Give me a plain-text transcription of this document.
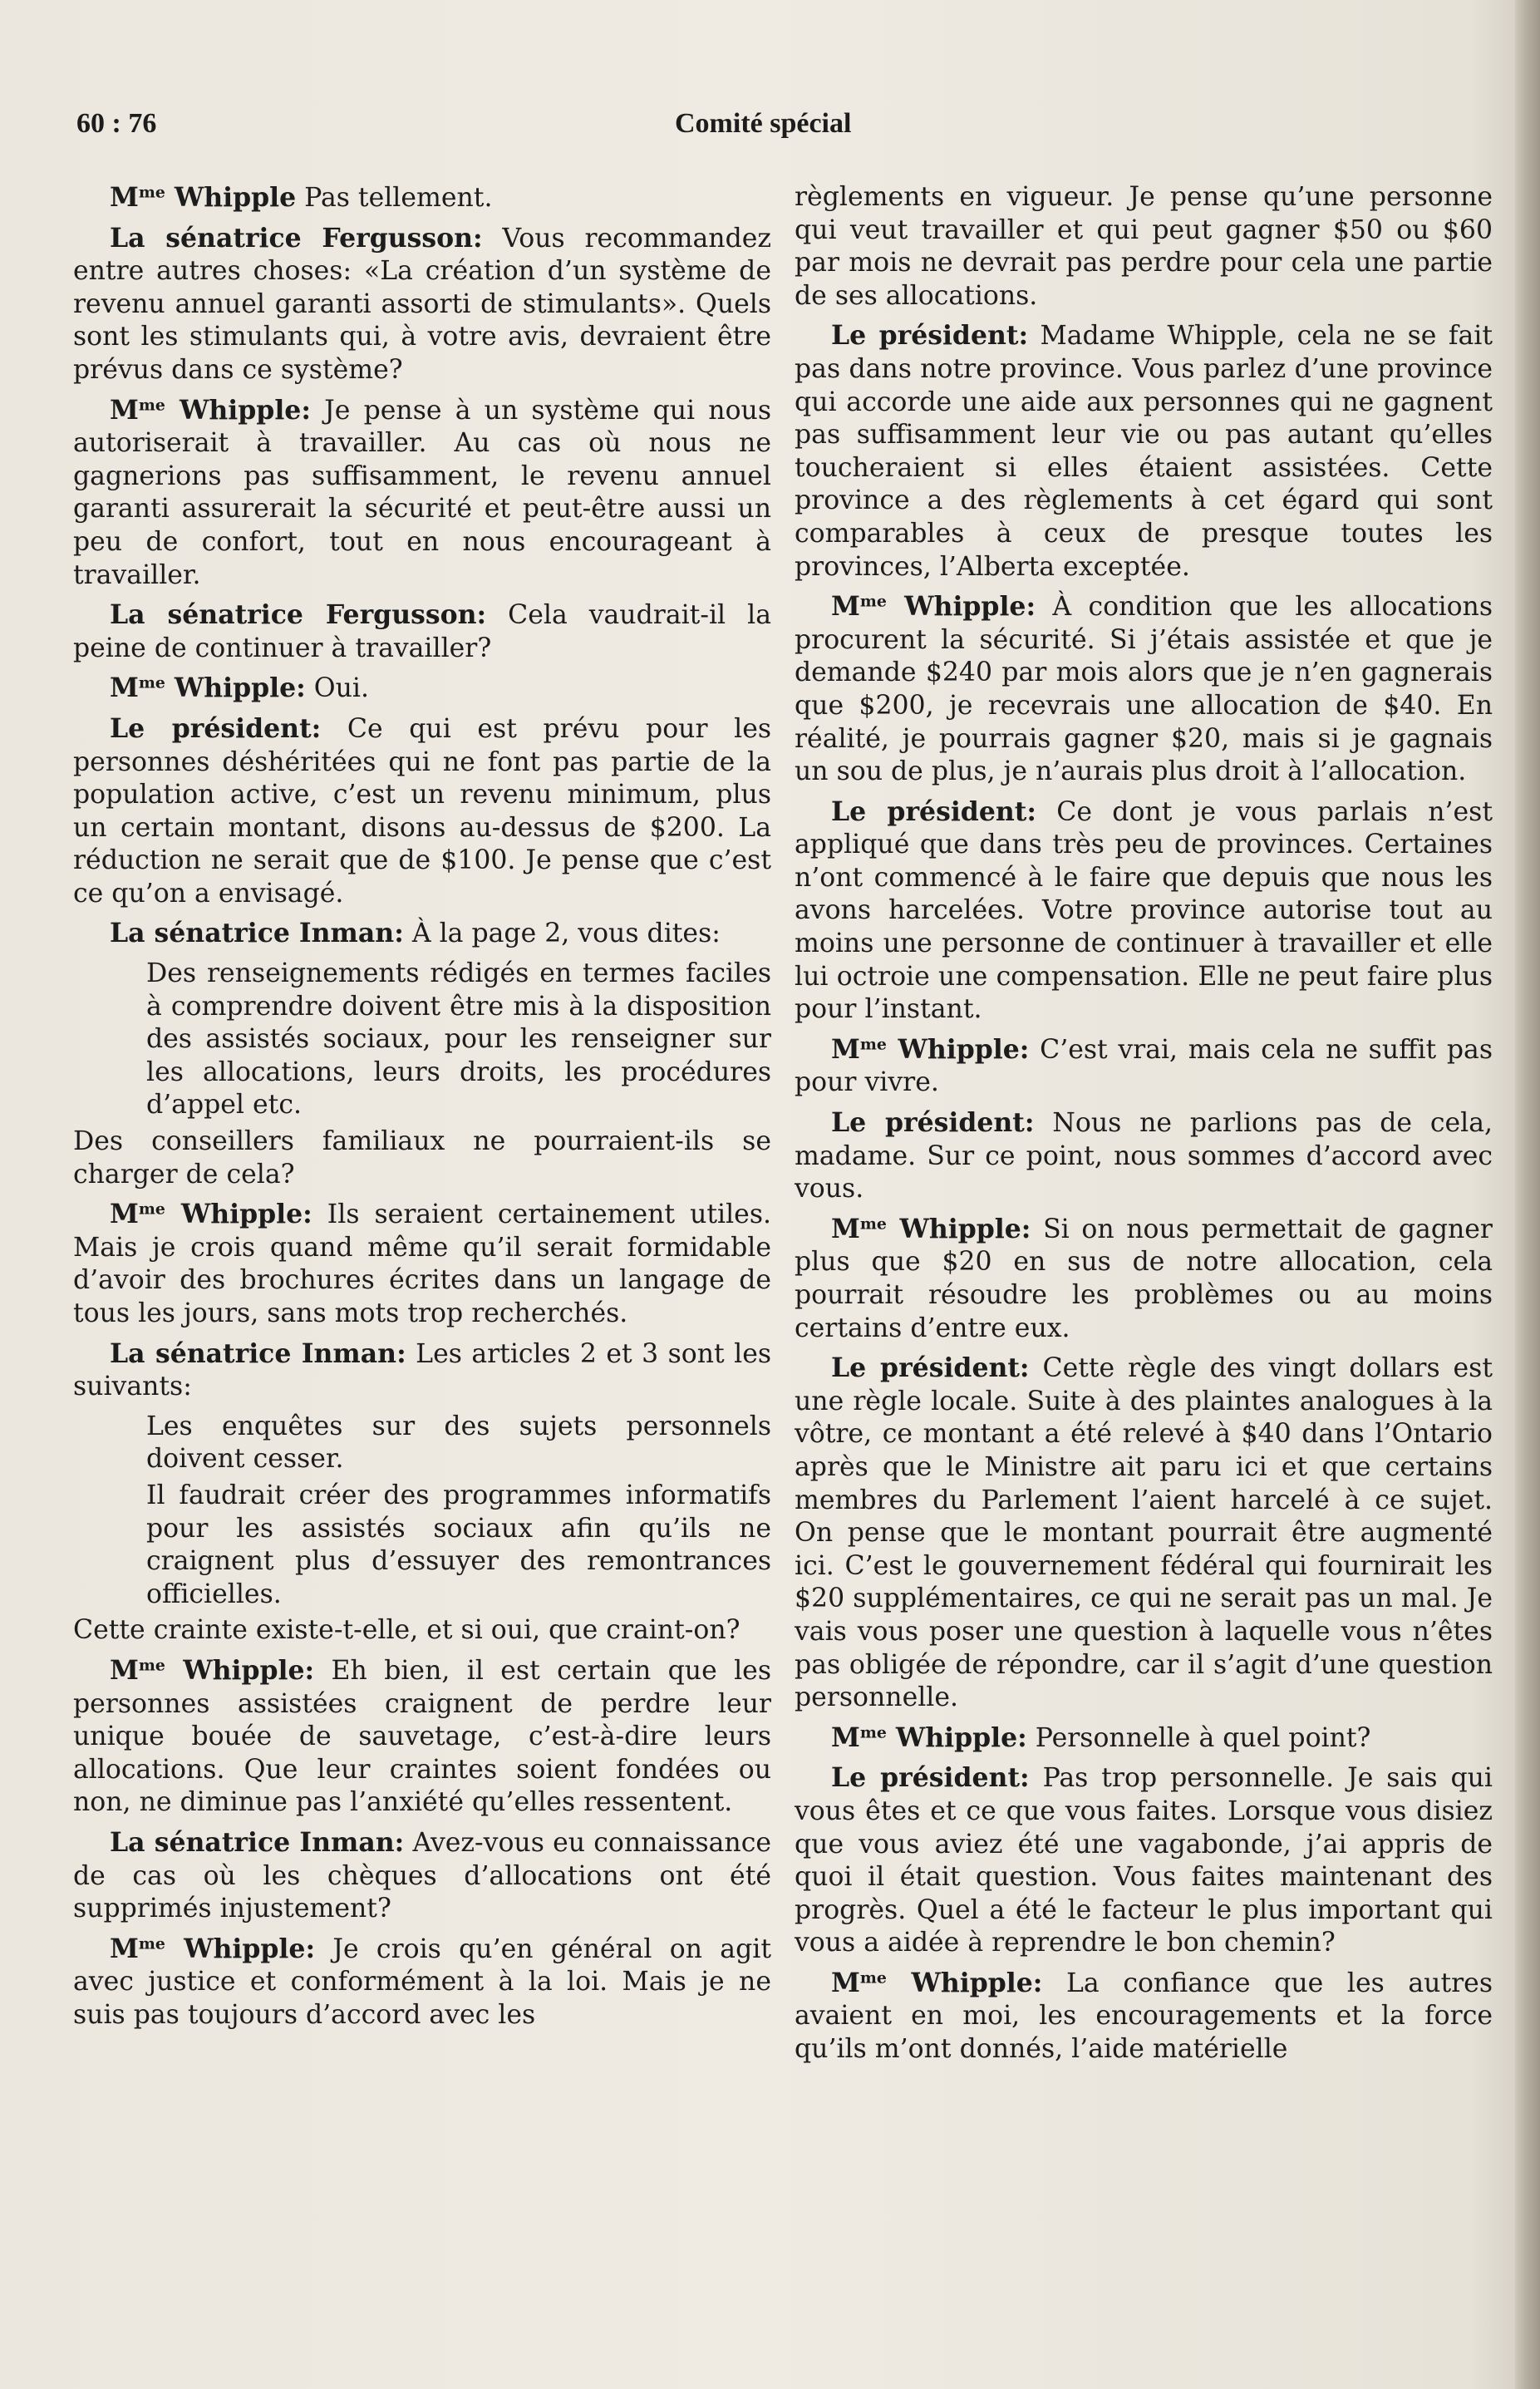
60 : 76	Comité spécial

$M^{me}$ Whipple Pas tellement.

La sénatrice Fergusson: Vous recommandez entre autres choses: «La création d’un système de revenu annuel garanti assorti de stimulants». Quels sont les stimulants qui, à votre avis, devraient être prévus dans ce système?

$M^{me}$ Whipple: Je pense à un système qui nous autoriserait à travailler. Au cas où nous ne gagnerions pas suffisamment, le revenu annuel garanti assurerait la sécurité et peut-être aussi un peu de confort, tout en nous encourageant à travailler.

La sénatrice Fergusson: Cela vaudrait-il la peine de continuer à travailler?

$M^{me}$ Whipple: Oui.

Le président: Ce qui est prévu pour les personnes déshéritées qui ne font pas partie de la population active, c’est un revenu minimum, plus un certain montant, disons au-dessus de $200. La réduction ne serait que de $100. Je pense que c’est ce qu’on a envisagé.

La sénatrice Inman: À la page 2, vous dites:

Des renseignements rédigés en termes faciles à comprendre doivent être mis à la disposition des assistés sociaux, pour les renseigner sur les allocations, leurs droits, les procédures d’appel etc.

Des conseillers familiaux ne pourraient-ils se charger de cela?

$M^{me}$ Whipple: Ils seraient certainement utiles. Mais je crois quand même qu’il serait formidable d’avoir des brochures écrites dans un langage de tous les jours, sans mots trop recherchés.

La sénatrice Inman: Les articles 2 et 3 sont les suivants:

Les enquêtes sur des sujets personnels doivent cesser.

Il faudrait créer des programmes informatifs pour les assistés sociaux afin qu’ils ne craignent plus d’essuyer des remontrances officielles.

Cette crainte existe-t-elle, et si oui, que craint-on?

$M^{me}$ Whipple: Eh bien, il est certain que les personnes assistées craignent de perdre leur unique bouée de sauvetage, c’est-à-dire leurs allocations. Que leur craintes soient fondées ou non, ne diminue pas l’anxiété qu’elles ressentent.

La sénatrice Inman: Avez-vous eu connaissance de cas où les chèques d’allocations ont été supprimés injustement?

$M^{me}$ Whipple: Je crois qu’en général on agit avec justice et conformément à la loi. Mais je ne suis pas toujours d’accord avec les

règlements en vigueur. Je pense qu’une personne qui veut travailler et qui peut gagner $50 ou $60 par mois ne devrait pas perdre pour cela une partie de ses allocations.

Le président: Madame Whipple, cela ne se fait pas dans notre province. Vous parlez d’une province qui accorde une aide aux personnes qui ne gagnent pas suffisamment leur vie ou pas autant qu’elles toucheraient si elles étaient assistées. Cette province a des règlements à cet égard qui sont comparables à ceux de presque toutes les provinces, l’Alberta exceptée.

$M^{me}$ Whipple: À condition que les allocations procurent la sécurité. Si j’étais assistée et que je demande $240 par mois alors que je n’en gagnerais que $200, je recevrais une allocation de $40. En réalité, je pourrais gagner $20, mais si je gagnais un sou de plus, je n’aurais plus droit à l’allocation.

Le président: Ce dont je vous parlais n’est appliqué que dans très peu de provinces. Certaines n’ont commencé à le faire que depuis que nous les avons harcelées. Votre province autorise tout au moins une personne de continuer à travailler et elle lui octroie une compensation. Elle ne peut faire plus pour l’instant.

$M^{me}$ Whipple: C’est vrai, mais cela ne suffit pas pour vivre.

Le président: Nous ne parlions pas de cela, madame. Sur ce point, nous sommes d’accord avec vous.

$M^{me}$ Whipple: Si on nous permettait de gagner plus que $20 en sus de notre allocation, cela pourrait résoudre les problèmes ou au moins certains d’entre eux.

Le président: Cette règle des vingt dollars est une règle locale. Suite à des plaintes analogues à la vôtre, ce montant a été relevé à $40 dans l’Ontario après que le Ministre ait paru ici et que certains membres du Parlement l’aient harcelé à ce sujet. On pense que le montant pourrait être augmenté ici. C’est le gouvernement fédéral qui fournirait les $20 supplémentaires, ce qui ne serait pas un mal. Je vais vous poser une question à laquelle vous n’êtes pas obligée de répondre, car il s’agit d’une question personnelle.

$M^{me}$ Whipple: Personnelle à quel point?

Le président: Pas trop personnelle. Je sais qui vous êtes et ce que vous faites. Lorsque vous disiez que vous aviez été une vagabonde, j’ai appris de quoi il était question. Vous faites maintenant des progrès. Quel a été le facteur le plus important qui vous a aidée à reprendre le bon chemin?

$M^{me}$ Whipple: La confiance que les autres avaient en moi, les encouragements et la force qu’ils m’ont donnés, l’aide matérielle
